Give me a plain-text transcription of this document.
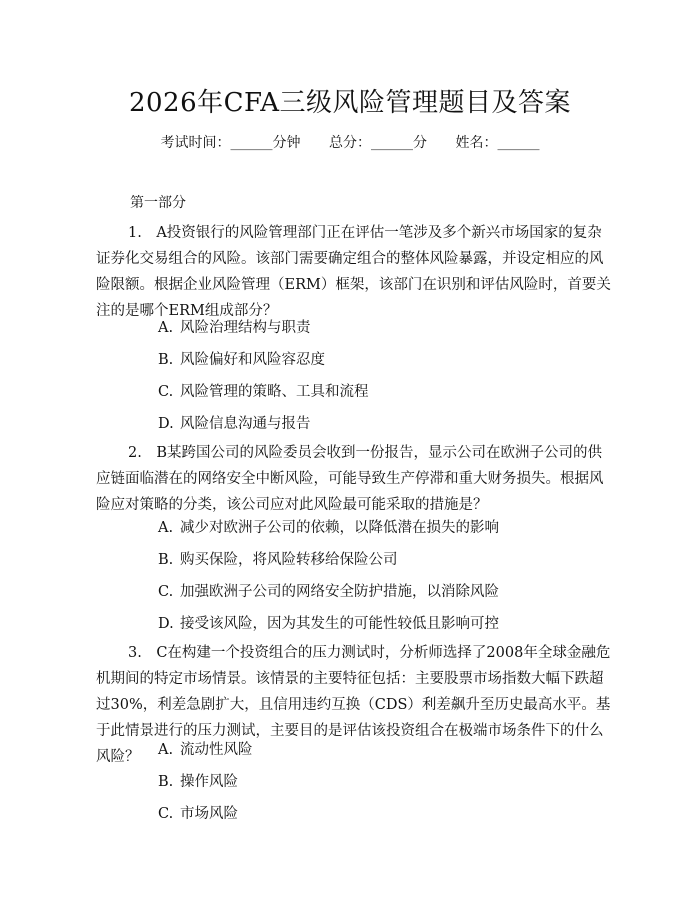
2026年CFA三级风险管理题目及答案
考试时间：______分钟 总分：______分 姓名：______
第一部分
1.　A投资银行的风险管理部门正在评估一笔涉及多个新兴市场国家的复杂证券化交易组合的风险。该部门需要确定组合的整体风险暴露，并设定相应的风险限额。根据企业风险管理（ERM）框架，该部门在识别和评估风险时，首要关注的是哪个ERM组成部分？
A. 风险治理结构与职责
B. 风险偏好和风险容忍度
C. 风险管理的策略、工具和流程
D. 风险信息沟通与报告
2.　B某跨国公司的风险委员会收到一份报告，显示公司在欧洲子公司的供应链面临潜在的网络安全中断风险，可能导致生产停滞和重大财务损失。根据风险应对策略的分类，该公司应对此风险最可能采取的措施是？
A. 减少对欧洲子公司的依赖，以降低潜在损失的影响
B. 购买保险，将风险转移给保险公司
C. 加强欧洲子公司的网络安全防护措施，以消除风险
D. 接受该风险，因为其发生的可能性较低且影响可控
3.　C在构建一个投资组合的压力测试时，分析师选择了2008年全球金融危机期间的特定市场情景。该情景的主要特征包括：主要股票市场指数大幅下跌超过30%，利差急剧扩大，且信用违约互换（CDS）利差飙升至历史最高水平。基于此情景进行的压力测试，主要目的是评估该投资组合在极端市场条件下的什么风险？	A. 流动性风险
B. 操作风险
C. 市场风险
